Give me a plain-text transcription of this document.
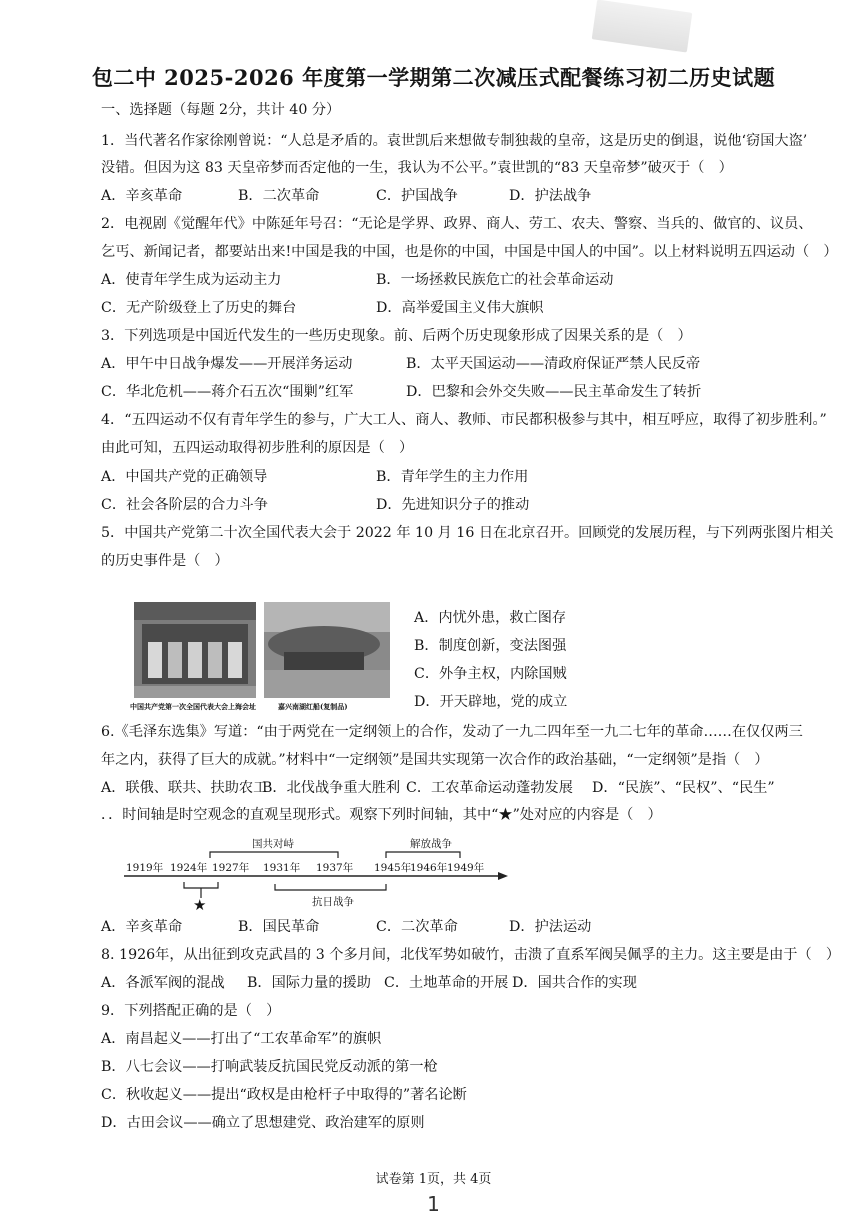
包二中 2025-2026 年度第一学期第二次减压式配餐练习初二历史试题
一、选择题（每题 2分，共计 40 分）
1．当代著名作家徐刚曾说：“人总是矛盾的。袁世凯后来想做专制独裁的皇帝，这是历史的倒退，说他‘窃国大盗’
没错。但因为这 83 天皇帝梦而否定他的一生，我认为不公平。”袁世凯的“83 天皇帝梦”破灭于（　）
A．辛亥革命	B．二次革命	C．护国战争	D．护法战争
2．电视剧《觉醒年代》中陈延年号召：“无论是学界、政界、商人、劳工、农夫、警察、当兵的、做官的、议员、
乞丐、新闻记者，都要站出来!中国是我的中国，也是你的中国，中国是中国人的中国”。以上材料说明五四运动（　）
A．使青年学生成为运动主力	B．一场拯救民族危亡的社会革命运动
C．无产阶级登上了历史的舞台	D．高举爱国主义伟大旗帜
3．下列选项是中国近代发生的一些历史现象。前、后两个历史现象形成了因果关系的是（　）
A．甲午中日战争爆发——开展洋务运动	B．太平天国运动——清政府保证严禁人民反帝
C．华北危机——蒋介石五次“围剿”红军	D．巴黎和会外交失败——民主革命发生了转折
4．“五四运动不仅有青年学生的参与，广大工人、商人、教师、市民都积极参与其中，相互呼应，取得了初步胜利。”
由此可知，五四运动取得初步胜利的原因是（　）
A．中国共产党的正确领导	B．青年学生的主力作用
C．社会各阶层的合力斗争	D．先进知识分子的推动
5．中国共产党第二十次全国代表大会于 2022 年 10 月 16 日在北京召开。回顾党的发展历程，与下列两张图片相关
的历史事件是（　）
中国共产党第一次全国代表大会上海会址	嘉兴南湖红船(复制品)
A．内忧外患，救亡图存
B．制度创新，变法图强
C．外争主权，内除国贼
D．开天辟地，党的成立
6.《毛泽东选集》写道：“由于两党在一定纲领上的合作，发动了一九二四年至一九二七年的革命……在仅仅两三
年之内，获得了巨大的成就。”材料中“一定纲领”是国共实现第一次合作的政治基础，“一定纲领”是指（　）
A．联俄、联共、扶助农工
B．北伐战争重大胜利 C．工农革命运动蓬勃发展 D．“民族”、“民权”、“民生”
．．时间轴是时空观念的直观呈现形式。观察下列时间轴，其中“★”处对应的内容是（　）
1919年 1924年 1927年 1931年 1937年 1945年
1946年 1949年
国共对峙	解放战争
抗日战争
★
A．辛亥革命	B．国民革命	C．二次革命	D．护法运动
8. 1926年，从出征到攻克武昌的 3 个多月间，北伐军势如破竹，击溃了直系军阀吴佩孚的主力。这主要是由于（　）
A．各派军阀的混战 B．国际力量的援助 C．土地革命的开展 D．国共合作的实现
9．下列搭配正确的是（　）
A．南昌起义——打出了“工农革命军”的旗帜
B．八七会议——打响武装反抗国民党反动派的第一枪
C．秋收起义——提出“政权是由枪杆子中取得的”著名论断
D．古田会议——确立了思想建党、政治建军的原则
试卷第 1页，共 4页
1
